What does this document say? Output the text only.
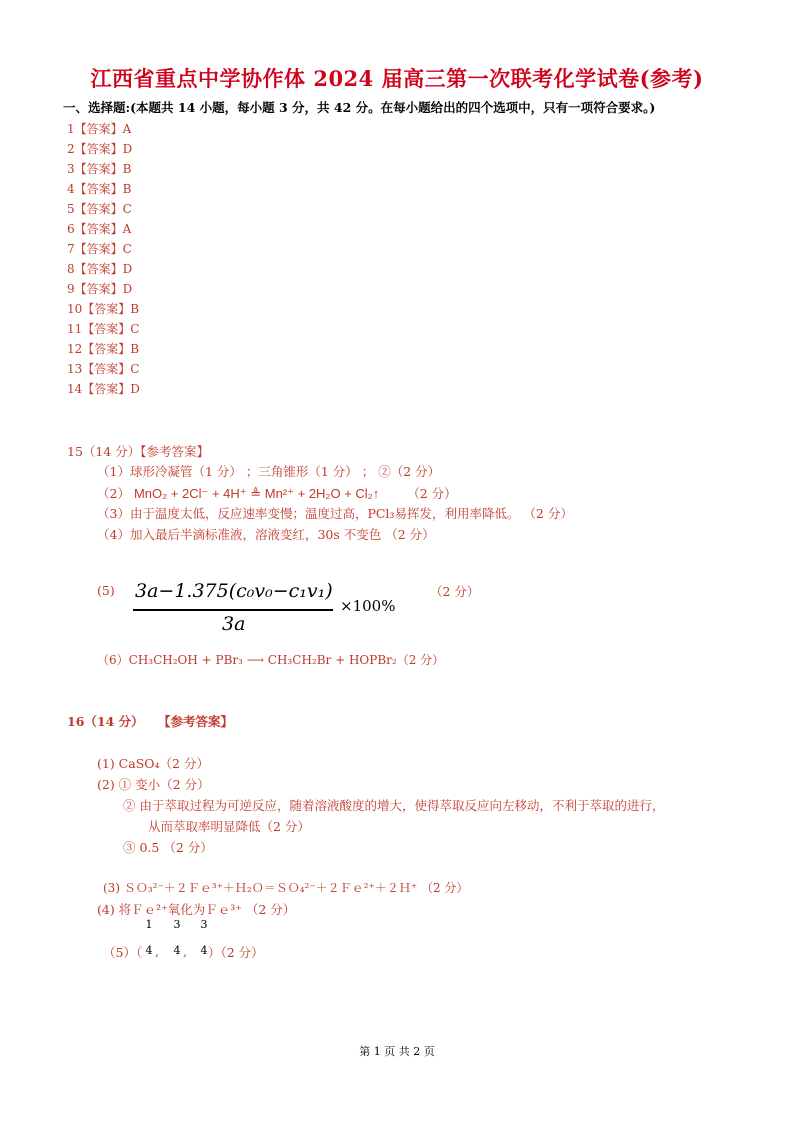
江西省重点中学协作体 2024 届高三第一次联考化学试卷(参考)
一、选择题:(本题共 14 小题，每小题 3 分，共 42 分。在每小题给出的四个选项中，只有一项符合要求。)
1【答案】A
2【答案】D
3【答案】B
4【答案】B
5【答案】C
6【答案】A
7【答案】C
8【答案】D
9【答案】D
10【答案】B
11【答案】C
12【答案】B
13【答案】C
14【答案】D
15（14 分）【参考答案】
（1）球形冷凝管（1 分） ；三角锥形（1 分） ； ②（2 分）
（2） MnO₂ + 2Cl⁻ + 4H⁺ ≜ Mn²⁺ + 2H₂O + Cl₂↑ （2 分）
（3）由于温度太低，反应速率变慢；温度过高，PCl₃易挥发，利用率降低。 （2 分）
（4）加入最后半滴标准液，溶液变红，30s 不变色 （2 分）
(5) 3a−1.375(c₀v₀−c₁v₁)
3a
×100%
（2 分）
（6）CH₃CH₂OH + PBr₃ ⟶ CH₃CH₂Br + HOPBr₂（2 分）
16（14 分） 【参考答案】
(1) CaSO₄（2 分）
(2) ① 变小（2 分）
② 由于萃取过程为可逆反应，随着溶液酸度的增大，使得萃取反应向左移动，不利于萃取的进行，
从而萃取率明显降低（2 分）
③ 0.5 （2 分）
(3) ＳＯ₃²⁻＋２Ｆｅ³⁺＋Ｈ₂Ｏ＝ＳＯ₄²⁻＋２Ｆｅ²⁺＋２Ｈ⁺ （2 分）
(4) 将Ｆｅ²⁺氧化为Ｆｅ³⁺ （2 分）
（5）（
1
4 ,
3
4 ,
3
4 ）（2 分）
第 1 页 共 2 页
